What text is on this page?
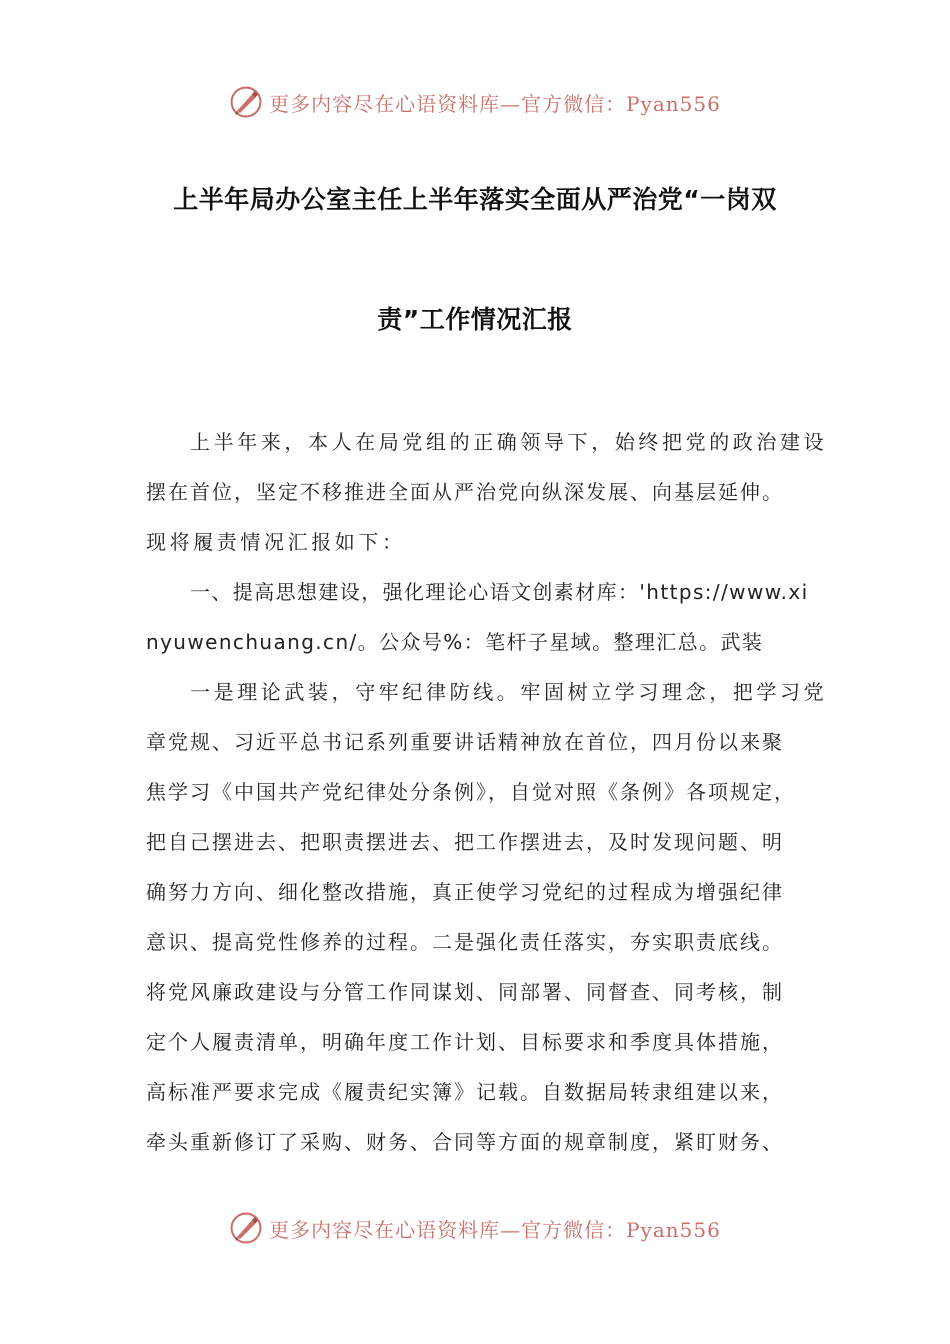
更多内容尽在心语资料库—官方微信：Pyan556
上半年局办公室主任上半年落实全面从严治党“一岗双
责”工作情况汇报
上半年来，本人在局党组的正确领导下，始终把党的政治建设
摆在首位，坚定不移推进全面从严治党向纵深发展、向基层延伸。
现将履责情况汇报如下：
一、提高思想建设，强化理论心语文创素材库：'https://www.xi
nyuwenchuang.cn/。公众号%：笔杆子星域。整理汇总。武装
一是理论武装，守牢纪律防线。牢固树立学习理念，把学习党
章党规、习近平总书记系列重要讲话精神放在首位，四月份以来聚
焦学习《中国共产党纪律处分条例》，自觉对照《条例》各项规定，
把自己摆进去、把职责摆进去、把工作摆进去，及时发现问题、明
确努力方向、细化整改措施，真正使学习党纪的过程成为增强纪律
意识、提高党性修养的过程。二是强化责任落实，夯实职责底线。
将党风廉政建设与分管工作同谋划、同部署、同督查、同考核，制
定个人履责清单，明确年度工作计划、目标要求和季度具体措施，
高标准严要求完成《履责纪实簿》记载。自数据局转隶组建以来，
牵头重新修订了采购、财务、合同等方面的规章制度，紧盯财务、
更多内容尽在心语资料库—官方微信：Pyan556
